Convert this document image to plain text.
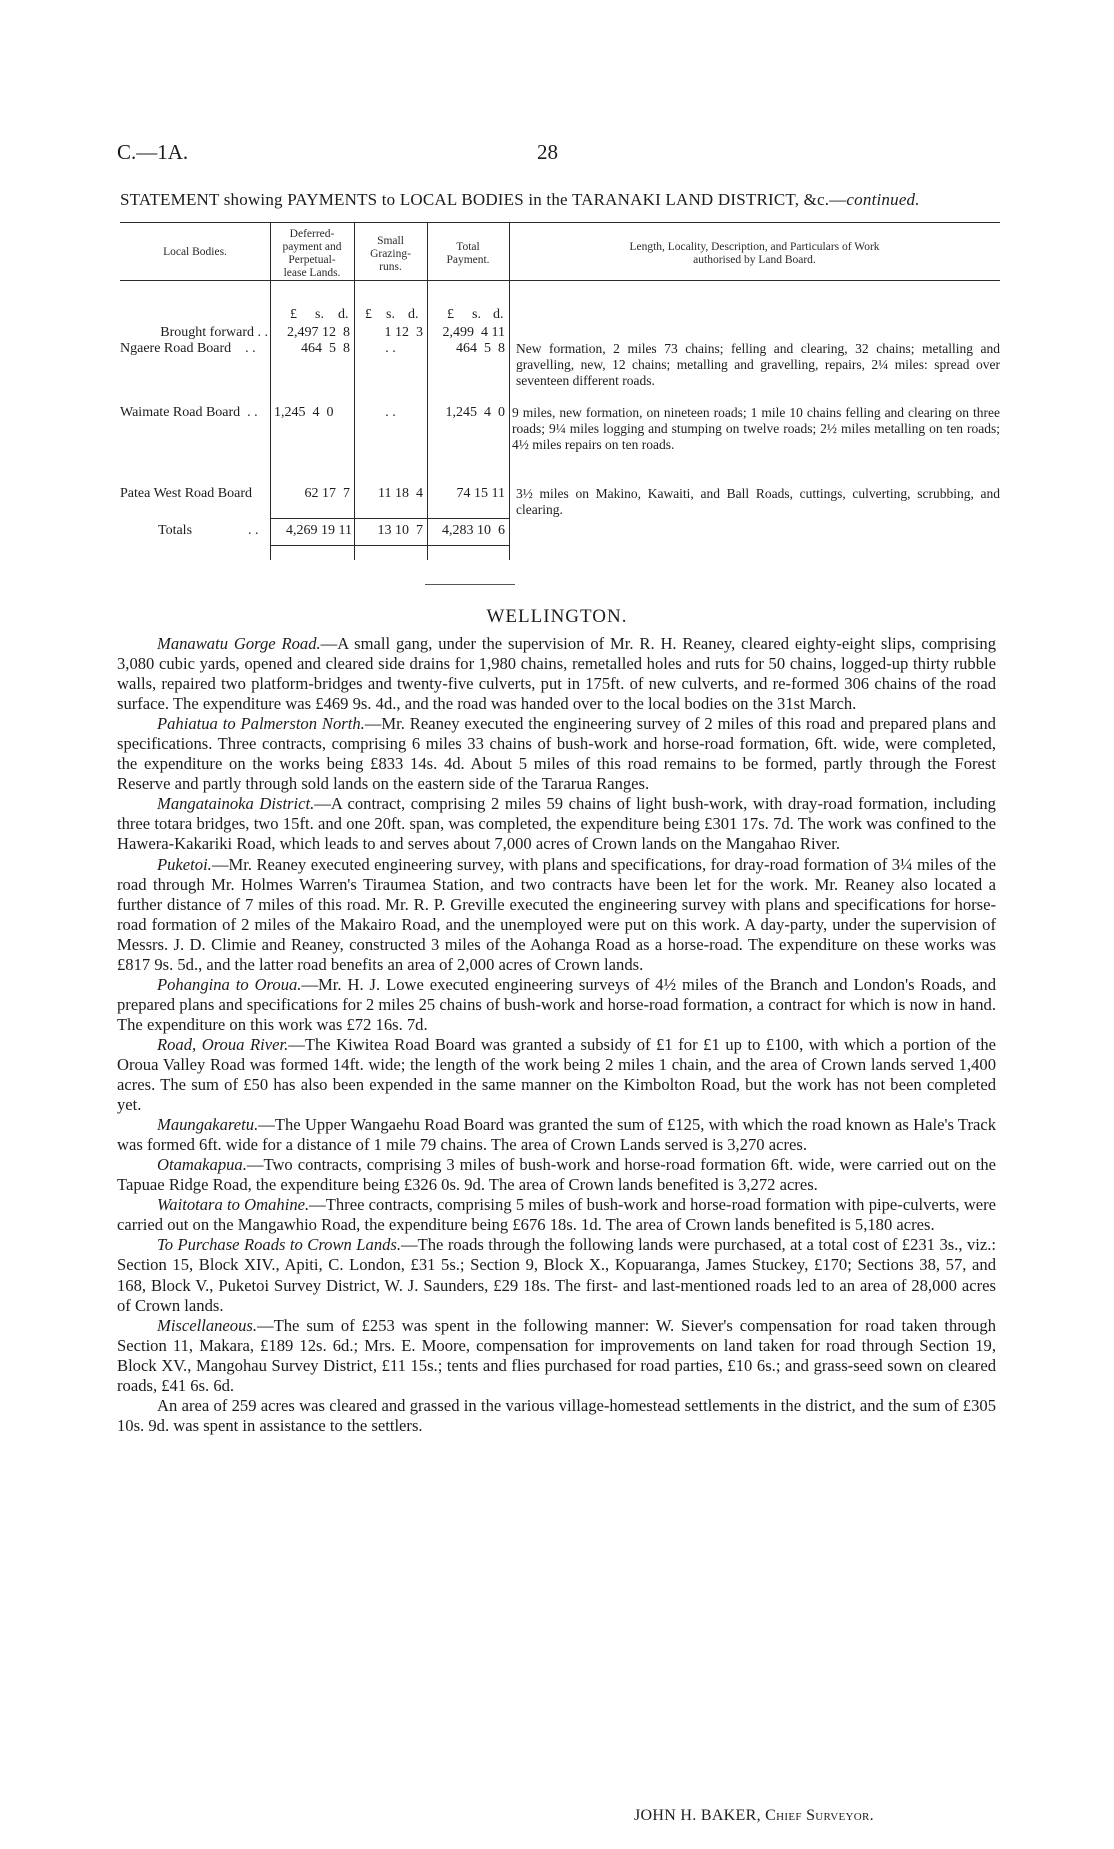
C.—1A.	28
STATEMENT showing PAYMENTS to LOCAL BODIES in the TARANAKI LAND DISTRICT, &c.—continued.
Local Bodies.
Deferred-
payment and
Perpetual-
lease Lands.
Small
Grazing-
runs.
Total
Payment.
Length, Locality, Description, and Particulars of Work
authorised by Land Board.
£ s. d. £ s. d. £ s. d.
Brought forward . .	2,497 12  8	1 12  3	2,499  4 11
Ngaere Road Board    . .	464  5  8	. .	464  5  8 New formation, 2 miles 73 chains; felling and clearing, 32 chains; metalling and gravelling, new, 12 chains; metalling and gravelling, repairs, 2¼ miles: spread over seventeen different roads.
Waimate Road Board  . .	1,245  4  0	. .	1,245  4  0 9 miles, new formation, on nineteen roads; 1 mile 10 chains felling and clearing on three roads; 9¼ miles logging and stumping on twelve roads; 2½ miles metalling on ten roads; 4½ miles repairs on ten roads.
Patea West Road Board	62 17  7	11 18  4	74 15 11 3½ miles on Makino, Kawaiti, and Ball Roads, cuttings, culverting, scrubbing, and clearing.
Totals	. .	4,269 19 11	13 10  7	4,283 10  6
WELLINGTON.

Manawatu Gorge Road.—A small gang, under the supervision of Mr. R. H. Reaney, cleared eighty-eight slips, comprising 3,080 cubic yards, opened and cleared side drains for 1,980 chains, remetalled holes and ruts for 50 chains, logged-up thirty rubble walls, repaired two platform-bridges and twenty-five culverts, put in 175ft. of new culverts, and re-formed 306 chains of the road surface. The expenditure was £469 9s. 4d., and the road was handed over to the local bodies on the 31st March.

Pahiatua to Palmerston North.—Mr. Reaney executed the engineering survey of 2 miles of this road and prepared plans and specifications. Three contracts, comprising 6 miles 33 chains of bush-work and horse-road formation, 6ft. wide, were completed, the expenditure on the works being £833 14s. 4d. About 5 miles of this road remains to be formed, partly through the Forest Reserve and partly through sold lands on the eastern side of the Tararua Ranges.

Mangatainoka District.—A contract, comprising 2 miles 59 chains of light bush-work, with dray-road formation, including three totara bridges, two 15ft. and one 20ft. span, was completed, the expenditure being £301 17s. 7d. The work was confined to the Hawera-Kakariki Road, which leads to and serves about 7,000 acres of Crown lands on the Mangahao River.

Puketoi.—Mr. Reaney executed engineering survey, with plans and specifications, for dray-road formation of 3¼ miles of the road through Mr. Holmes Warren's Tiraumea Station, and two contracts have been let for the work. Mr. Reaney also located a further distance of 7 miles of this road. Mr. R. P. Greville executed the engineering survey with plans and specifications for horse-road formation of 2 miles of the Makairo Road, and the unemployed were put on this work. A day-party, under the supervision of Messrs. J. D. Climie and Reaney, constructed 3 miles of the Aohanga Road as a horse-road. The expenditure on these works was £817 9s. 5d., and the latter road benefits an area of 2,000 acres of Crown lands.

Pohangina to Oroua.—Mr. H. J. Lowe executed engineering surveys of 4½ miles of the Branch and London's Roads, and prepared plans and specifications for 2 miles 25 chains of bush-work and horse-road formation, a contract for which is now in hand. The expenditure on this work was £72 16s. 7d.

Road, Oroua River.—The Kiwitea Road Board was granted a subsidy of £1 for £1 up to £100, with which a portion of the Oroua Valley Road was formed 14ft. wide; the length of the work being 2 miles 1 chain, and the area of Crown lands served 1,400 acres. The sum of £50 has also been expended in the same manner on the Kimbolton Road, but the work has not been completed yet.

Maungakaretu.—The Upper Wangaehu Road Board was granted the sum of £125, with which the road known as Hale's Track was formed 6ft. wide for a distance of 1 mile 79 chains. The area of Crown Lands served is 3,270 acres.

Otamakapua.—Two contracts, comprising 3 miles of bush-work and horse-road formation 6ft. wide, were carried out on the Tapuae Ridge Road, the expenditure being £326 0s. 9d. The area of Crown lands benefited is 3,272 acres.

Waitotara to Omahine.—Three contracts, comprising 5 miles of bush-work and horse-road formation with pipe-culverts, were carried out on the Mangawhio Road, the expenditure being £676 18s. 1d. The area of Crown lands benefited is 5,180 acres.

To Purchase Roads to Crown Lands.—The roads through the following lands were purchased, at a total cost of £231 3s., viz.: Section 15, Block XIV., Apiti, C. London, £31 5s.; Section 9, Block X., Kopuaranga, James Stuckey, £170; Sections 38, 57, and 168, Block V., Puketoi Survey District, W. J. Saunders, £29 18s. The first- and last-mentioned roads led to an area of 28,000 acres of Crown lands.

Miscellaneous.—The sum of £253 was spent in the following manner: W. Siever's compensation for road taken through Section 11, Makara, £189 12s. 6d.; Mrs. E. Moore, compensation for improvements on land taken for road through Section 19, Block XV., Mangohau Survey District, £11 15s.; tents and flies purchased for road parties, £10 6s.; and grass-seed sown on cleared roads, £41 6s. 6d.

An area of 259 acres was cleared and grassed in the various village-homestead settlements in the district, and the sum of £305 10s. 9d. was spent in assistance to the settlers.

JOHN H. BAKER, Chief Surveyor.
